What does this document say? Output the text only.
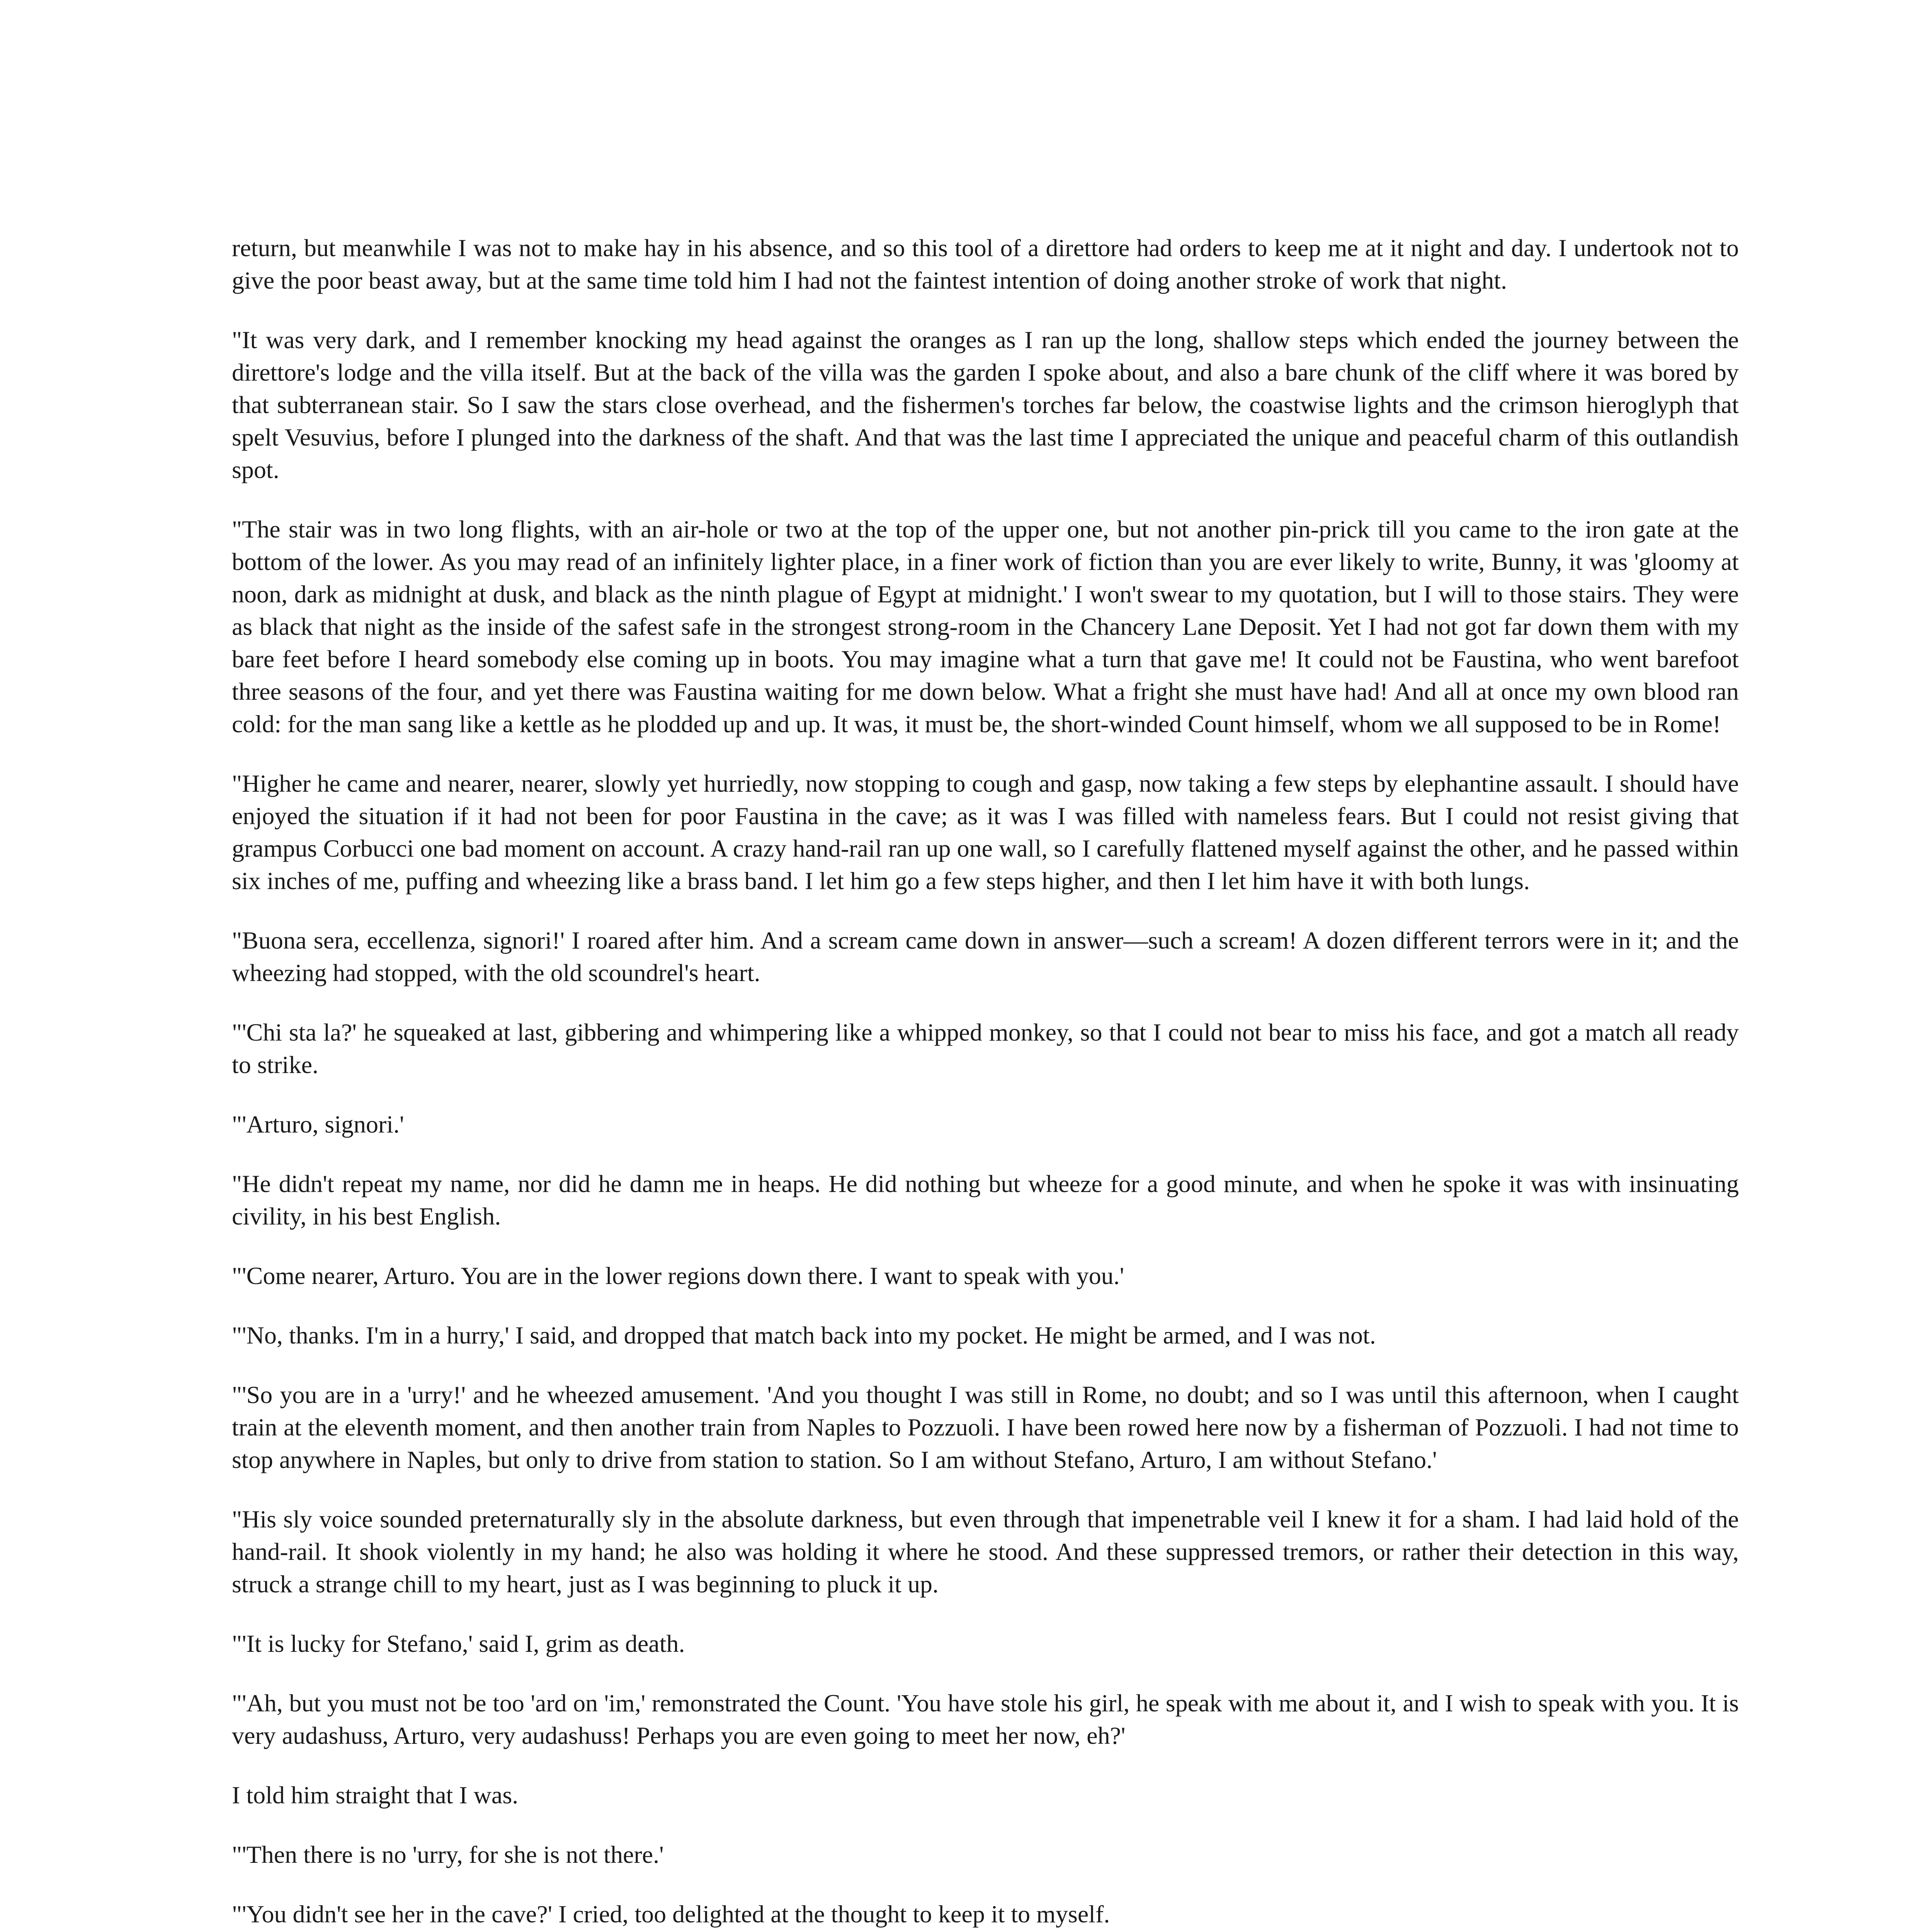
return, but meanwhile I was not to make hay in his absence, and so this tool of a direttore had orders to keep me at it night and day. I undertook not to give the poor beast away, but at the same time told him I had not the faintest intention of doing another stroke of work that night.

"It was very dark, and I remember knocking my head against the oranges as I ran up the long, shallow steps which ended the journey between the direttore's lodge and the villa itself. But at the back of the villa was the garden I spoke about, and also a bare chunk of the cliff where it was bored by that subterranean stair. So I saw the stars close overhead, and the fishermen's torches far below, the coastwise lights and the crimson hieroglyph that spelt Vesuvius, before I plunged into the darkness of the shaft. And that was the last time I appreciated the unique and peaceful charm of this outlandish spot.

"The stair was in two long flights, with an air-hole or two at the top of the upper one, but not another pin-prick till you came to the iron gate at the bottom of the lower. As you may read of an infinitely lighter place, in a finer work of fiction than you are ever likely to write, Bunny, it was 'gloomy at noon, dark as midnight at dusk, and black as the ninth plague of Egypt at midnight.' I won't swear to my quotation, but I will to those stairs. They were as black that night as the inside of the safest safe in the strongest strong-room in the Chancery Lane Deposit. Yet I had not got far down them with my bare feet before I heard somebody else coming up in boots. You may imagine what a turn that gave me! It could not be Faustina, who went barefoot three seasons of the four, and yet there was Faustina waiting for me down below. What a fright she must have had! And all at once my own blood ran cold: for the man sang like a kettle as he plodded up and up. It was, it must be, the short-winded Count himself, whom we all supposed to be in Rome!

"Higher he came and nearer, nearer, slowly yet hurriedly, now stopping to cough and gasp, now taking a few steps by elephantine assault. I should have enjoyed the situation if it had not been for poor Faustina in the cave; as it was I was filled with nameless fears. But I could not resist giving that grampus Corbucci one bad moment on account. A crazy hand-rail ran up one wall, so I carefully flattened myself against the other, and he passed within six inches of me, puffing and wheezing like a brass band. I let him go a few steps higher, and then I let him have it with both lungs.

"Buona sera, eccellenza, signori!' I roared after him. And a scream came down in answer—such a scream! A dozen different terrors were in it; and the wheezing had stopped, with the old scoundrel's heart.

"'Chi sta la?' he squeaked at last, gibbering and whimpering like a whipped monkey, so that I could not bear to miss his face, and got a match all ready to strike.

"'Arturo, signori.'

"He didn't repeat my name, nor did he damn me in heaps. He did nothing but wheeze for a good minute, and when he spoke it was with insinuating civility, in his best English.

"'Come nearer, Arturo. You are in the lower regions down there. I want to speak with you.'

"'No, thanks. I'm in a hurry,' I said, and dropped that match back into my pocket. He might be armed, and I was not.

"'So you are in a 'urry!' and he wheezed amusement. 'And you thought I was still in Rome, no doubt; and so I was until this afternoon, when I caught train at the eleventh moment, and then another train from Naples to Pozzuoli. I have been rowed here now by a fisherman of Pozzuoli. I had not time to stop anywhere in Naples, but only to drive from station to station. So I am without Stefano, Arturo, I am without Stefano.'

"His sly voice sounded preternaturally sly in the absolute darkness, but even through that impenetrable veil I knew it for a sham. I had laid hold of the hand-rail. It shook violently in my hand; he also was holding it where he stood. And these suppressed tremors, or rather their detection in this way, struck a strange chill to my heart, just as I was beginning to pluck it up.

"'It is lucky for Stefano,' said I, grim as death.

"'Ah, but you must not be too 'ard on 'im,' remonstrated the Count. 'You have stole his girl, he speak with me about it, and I wish to speak with you. It is very audashuss, Arturo, very audashuss! Perhaps you are even going to meet her now, eh?'

I told him straight that I was.

"'Then there is no 'urry, for she is not there.'

"'You didn't see her in the cave?' I cried, too delighted at the thought to keep it to myself.
